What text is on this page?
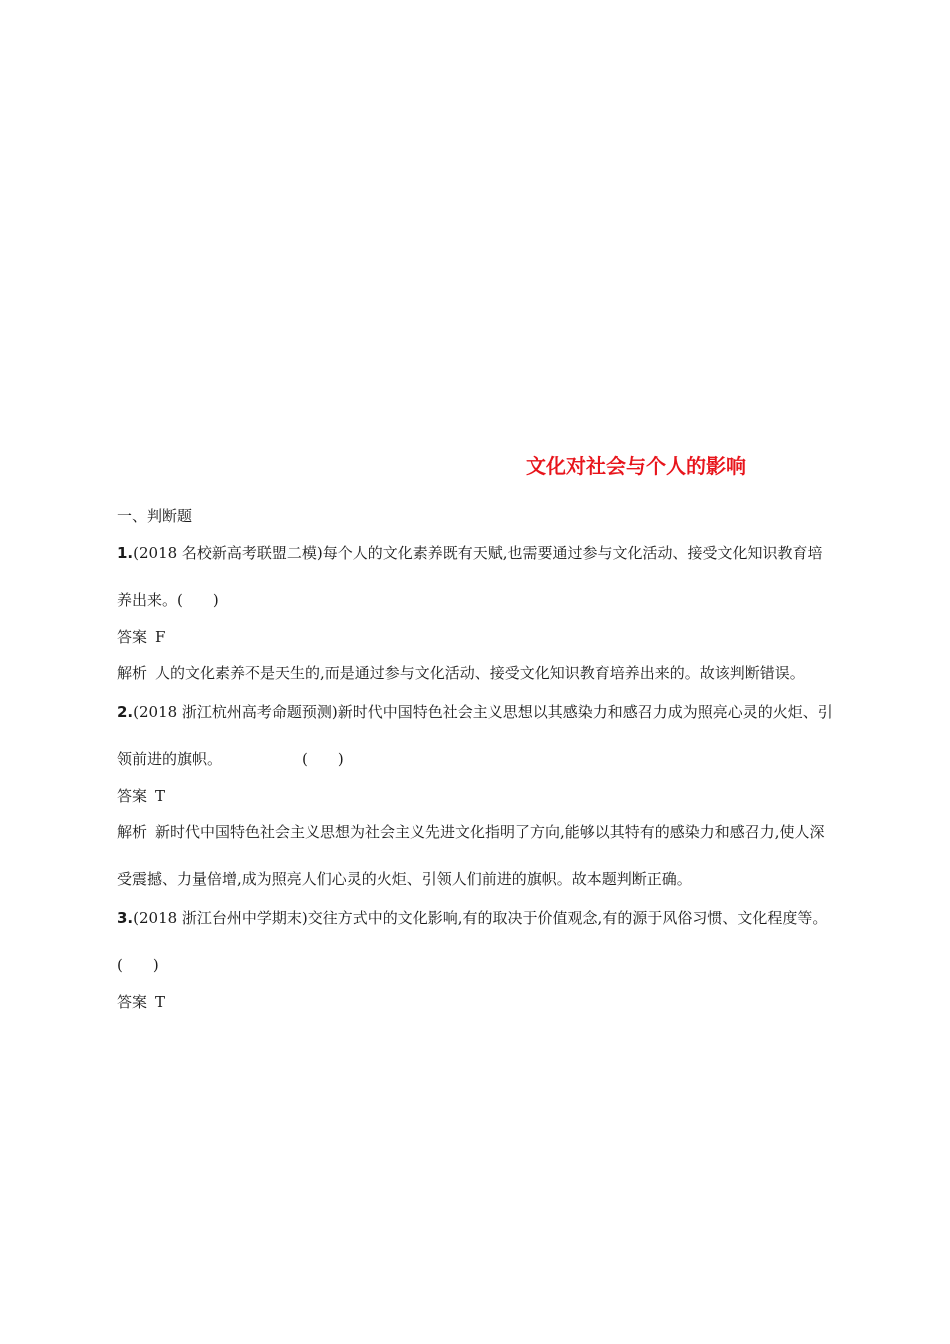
文化对社会与个人的影响
一、判断题

1.(2018 名校新高考联盟二模)每个人的文化素养既有天赋,也需要通过参与文化活动、接受文化知识教育培养出来。(　　)

答案 F

解析 人的文化素养不是天生的,而是通过参与文化活动、接受文化知识教育培养出来的。故该判断错误。

2.(2018 浙江杭州高考命题预测)新时代中国特色社会主义思想以其感染力和感召力成为照亮心灵的火炬、引领前进的旗帜。	(　　)

答案 T

解析 新时代中国特色社会主义思想为社会主义先进文化指明了方向,能够以其特有的感染力和感召力,使人深受震撼、力量倍增,成为照亮人们心灵的火炬、引领人们前进的旗帜。故本题判断正确。

3.(2018 浙江台州中学期末)交往方式中的文化影响,有的取决于价值观念,有的源于风俗习惯、文化程度等。(　　)

答案 T
